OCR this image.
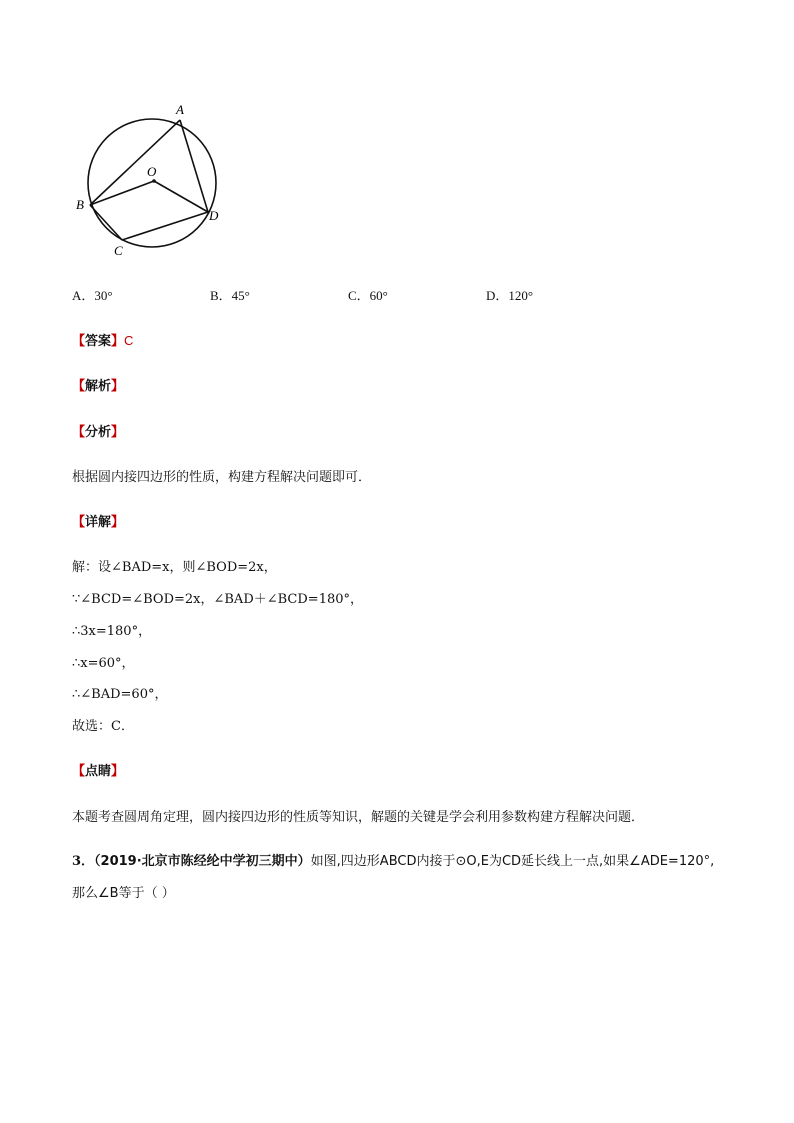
A
B
C
D
O
A．30°	B．45°	C．60°	D．120°
【答案】C
【解析】
【分析】
根据圆内接四边形的性质，构建方程解决问题即可．
【详解】
解：设∠BAD=x，则∠BOD=2x，
∵∠BCD=∠BOD=2x，∠BAD＋∠BCD=180°，
∴3x=180°，
∴x=60°，
∴∠BAD=60°，
故选：C．
【点睛】
本题考查圆周角定理，圆内接四边形的性质等知识，解题的关键是学会利用参数构建方程解决问题．
3．（2019·北京市陈经纶中学初三期中）如图,四边形ABCD内接于⊙O,E为CD延长线上一点,如果∠ADE=120°,
那么∠B等于（ ）
